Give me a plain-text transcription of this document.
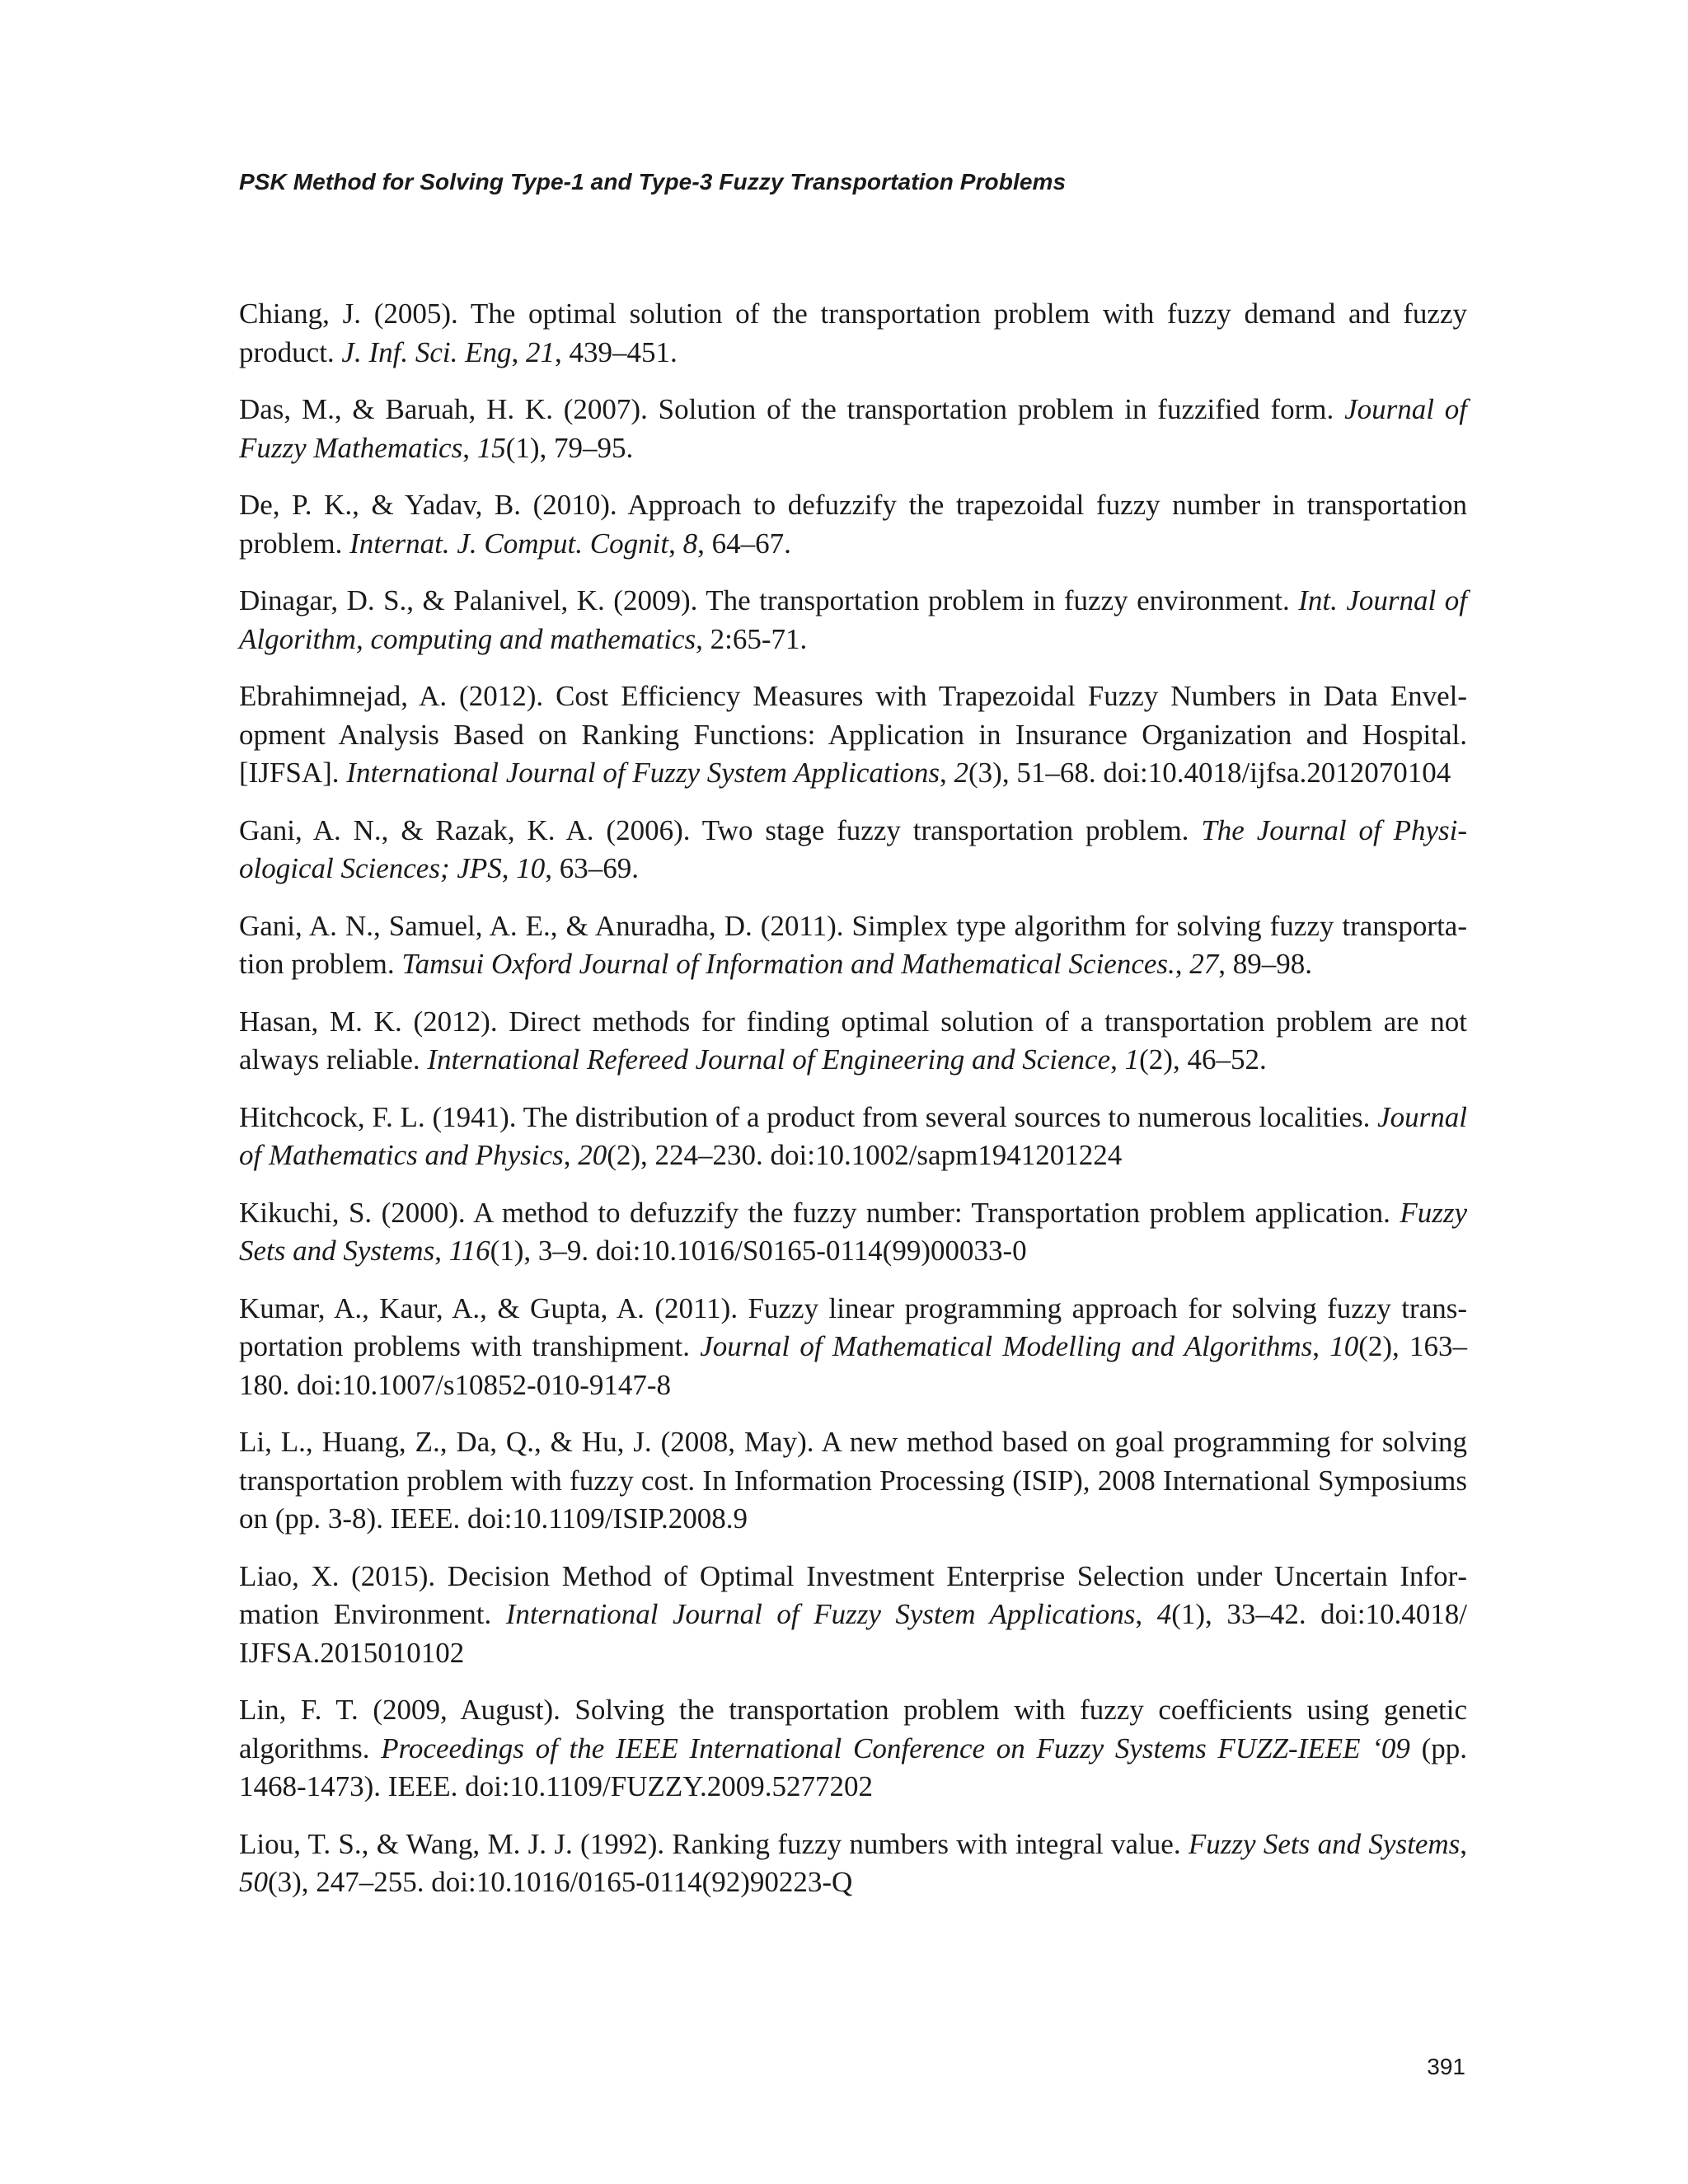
PSK Method for Solving Type-1 and Type-3 Fuzzy Transportation Problems
Chiang, J. (2005). The optimal solution of the transportation problem with fuzzy demand and fuzzy product. J. Inf. Sci. Eng, 21, 439–451.
Das, M., & Baruah, H. K. (2007). Solution of the transportation problem in fuzzified form. Journal of Fuzzy Mathematics, 15(1), 79–95.
De, P. K., & Yadav, B. (2010). Approach to defuzzify the trapezoidal fuzzy number in transportation problem. Internat. J. Comput. Cognit, 8, 64–67.
Dinagar, D. S., & Palanivel, K. (2009). The transportation problem in fuzzy environment. Int. Journal of Algorithm, computing and mathematics, 2:65-71.
Ebrahimnejad, A. (2012). Cost Efficiency Measures with Trapezoidal Fuzzy Numbers in Data Envelopment Analysis Based on Ranking Functions: Application in Insurance Organization and Hospital. [IJFSA]. International Journal of Fuzzy System Applications, 2(3), 51–68. doi:10.4018/ijfsa.2012070104
Gani, A. N., & Razak, K. A. (2006). Two stage fuzzy transportation problem. The Journal of Physiological Sciences; JPS, 10, 63–69.
Gani, A. N., Samuel, A. E., & Anuradha, D. (2011). Simplex type algorithm for solving fuzzy transportation problem. Tamsui Oxford Journal of Information and Mathematical Sciences., 27, 89–98.
Hasan, M. K. (2012). Direct methods for finding optimal solution of a transportation problem are not always reliable. International Refereed Journal of Engineering and Science, 1(2), 46–52.
Hitchcock, F. L. (1941). The distribution of a product from several sources to numerous localities. Journal of Mathematics and Physics, 20(2), 224–230. doi:10.1002/sapm1941201224
Kikuchi, S. (2000). A method to defuzzify the fuzzy number: Transportation problem application. Fuzzy Sets and Systems, 116(1), 3–9. doi:10.1016/S0165-0114(99)00033-0
Kumar, A., Kaur, A., & Gupta, A. (2011). Fuzzy linear programming approach for solving fuzzy transportation problems with transhipment. Journal of Mathematical Modelling and Algorithms, 10(2), 163–180. doi:10.1007/s10852-010-9147-8
Li, L., Huang, Z., Da, Q., & Hu, J. (2008, May). A new method based on goal programming for solving transportation problem with fuzzy cost. In Information Processing (ISIP), 2008 International Symposiums on (pp. 3-8). IEEE. doi:10.1109/ISIP.2008.9
Liao, X. (2015). Decision Method of Optimal Investment Enterprise Selection under Uncertain Information Environment. International Journal of Fuzzy System Applications, 4(1), 33–42. doi:10.4018/ IJFSA.2015010102
Lin, F. T. (2009, August). Solving the transportation problem with fuzzy coefficients using genetic algorithms. Proceedings of the IEEE International Conference on Fuzzy Systems FUZZ-IEEE ‘09 (pp. 1468-1473). IEEE. doi:10.1109/FUZZY.2009.5277202
Liou, T. S., & Wang, M. J. J. (1992). Ranking fuzzy numbers with integral value. Fuzzy Sets and Systems, 50(3), 247–255. doi:10.1016/0165-0114(92)90223-Q
391
